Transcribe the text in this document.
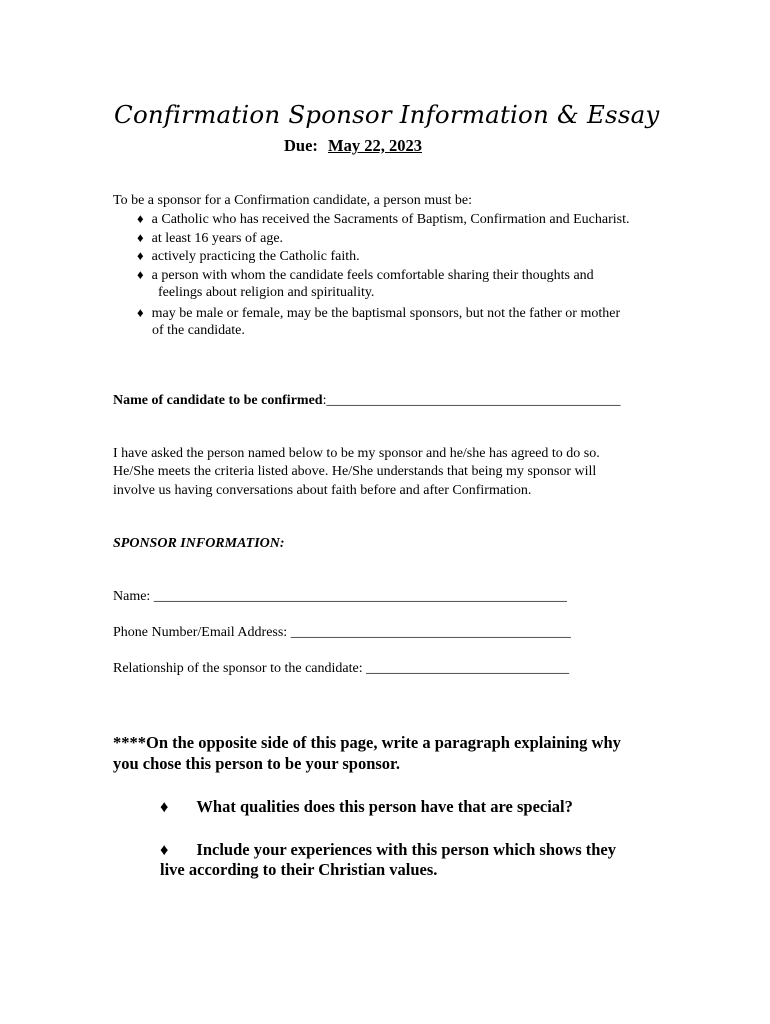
Confirmation Sponsor Information & Essay
Due: May 22, 2023
To be a sponsor for a Confirmation candidate, a person must be:
♦ a Catholic who has received the Sacraments of Baptism, Confirmation and Eucharist.
♦ at least 16 years of age.
♦ actively practicing the Catholic faith.
♦ a person with whom the candidate feels comfortable sharing their thoughts and
feelings about religion and spirituality.
♦ may be male or female, may be the baptismal sponsors, but not the father or mother
of the candidate.
Name of candidate to be confirmed:__________________________________________
I have asked the person named below to be my sponsor and he/she has agreed to do so.
He/She meets the criteria listed above. He/She understands that being my sponsor will
involve us having conversations about faith before and after Confirmation.
SPONSOR INFORMATION:
Name: ___________________________________________________________
Phone Number/Email Address: ________________________________________
Relationship of the sponsor to the candidate: _____________________________
****On the opposite side of this page, write a paragraph explaining why
you chose this person to be your sponsor.
♦ What qualities does this person have that are special?
♦ Include your experiences with this person which shows they
live according to their Christian values.
